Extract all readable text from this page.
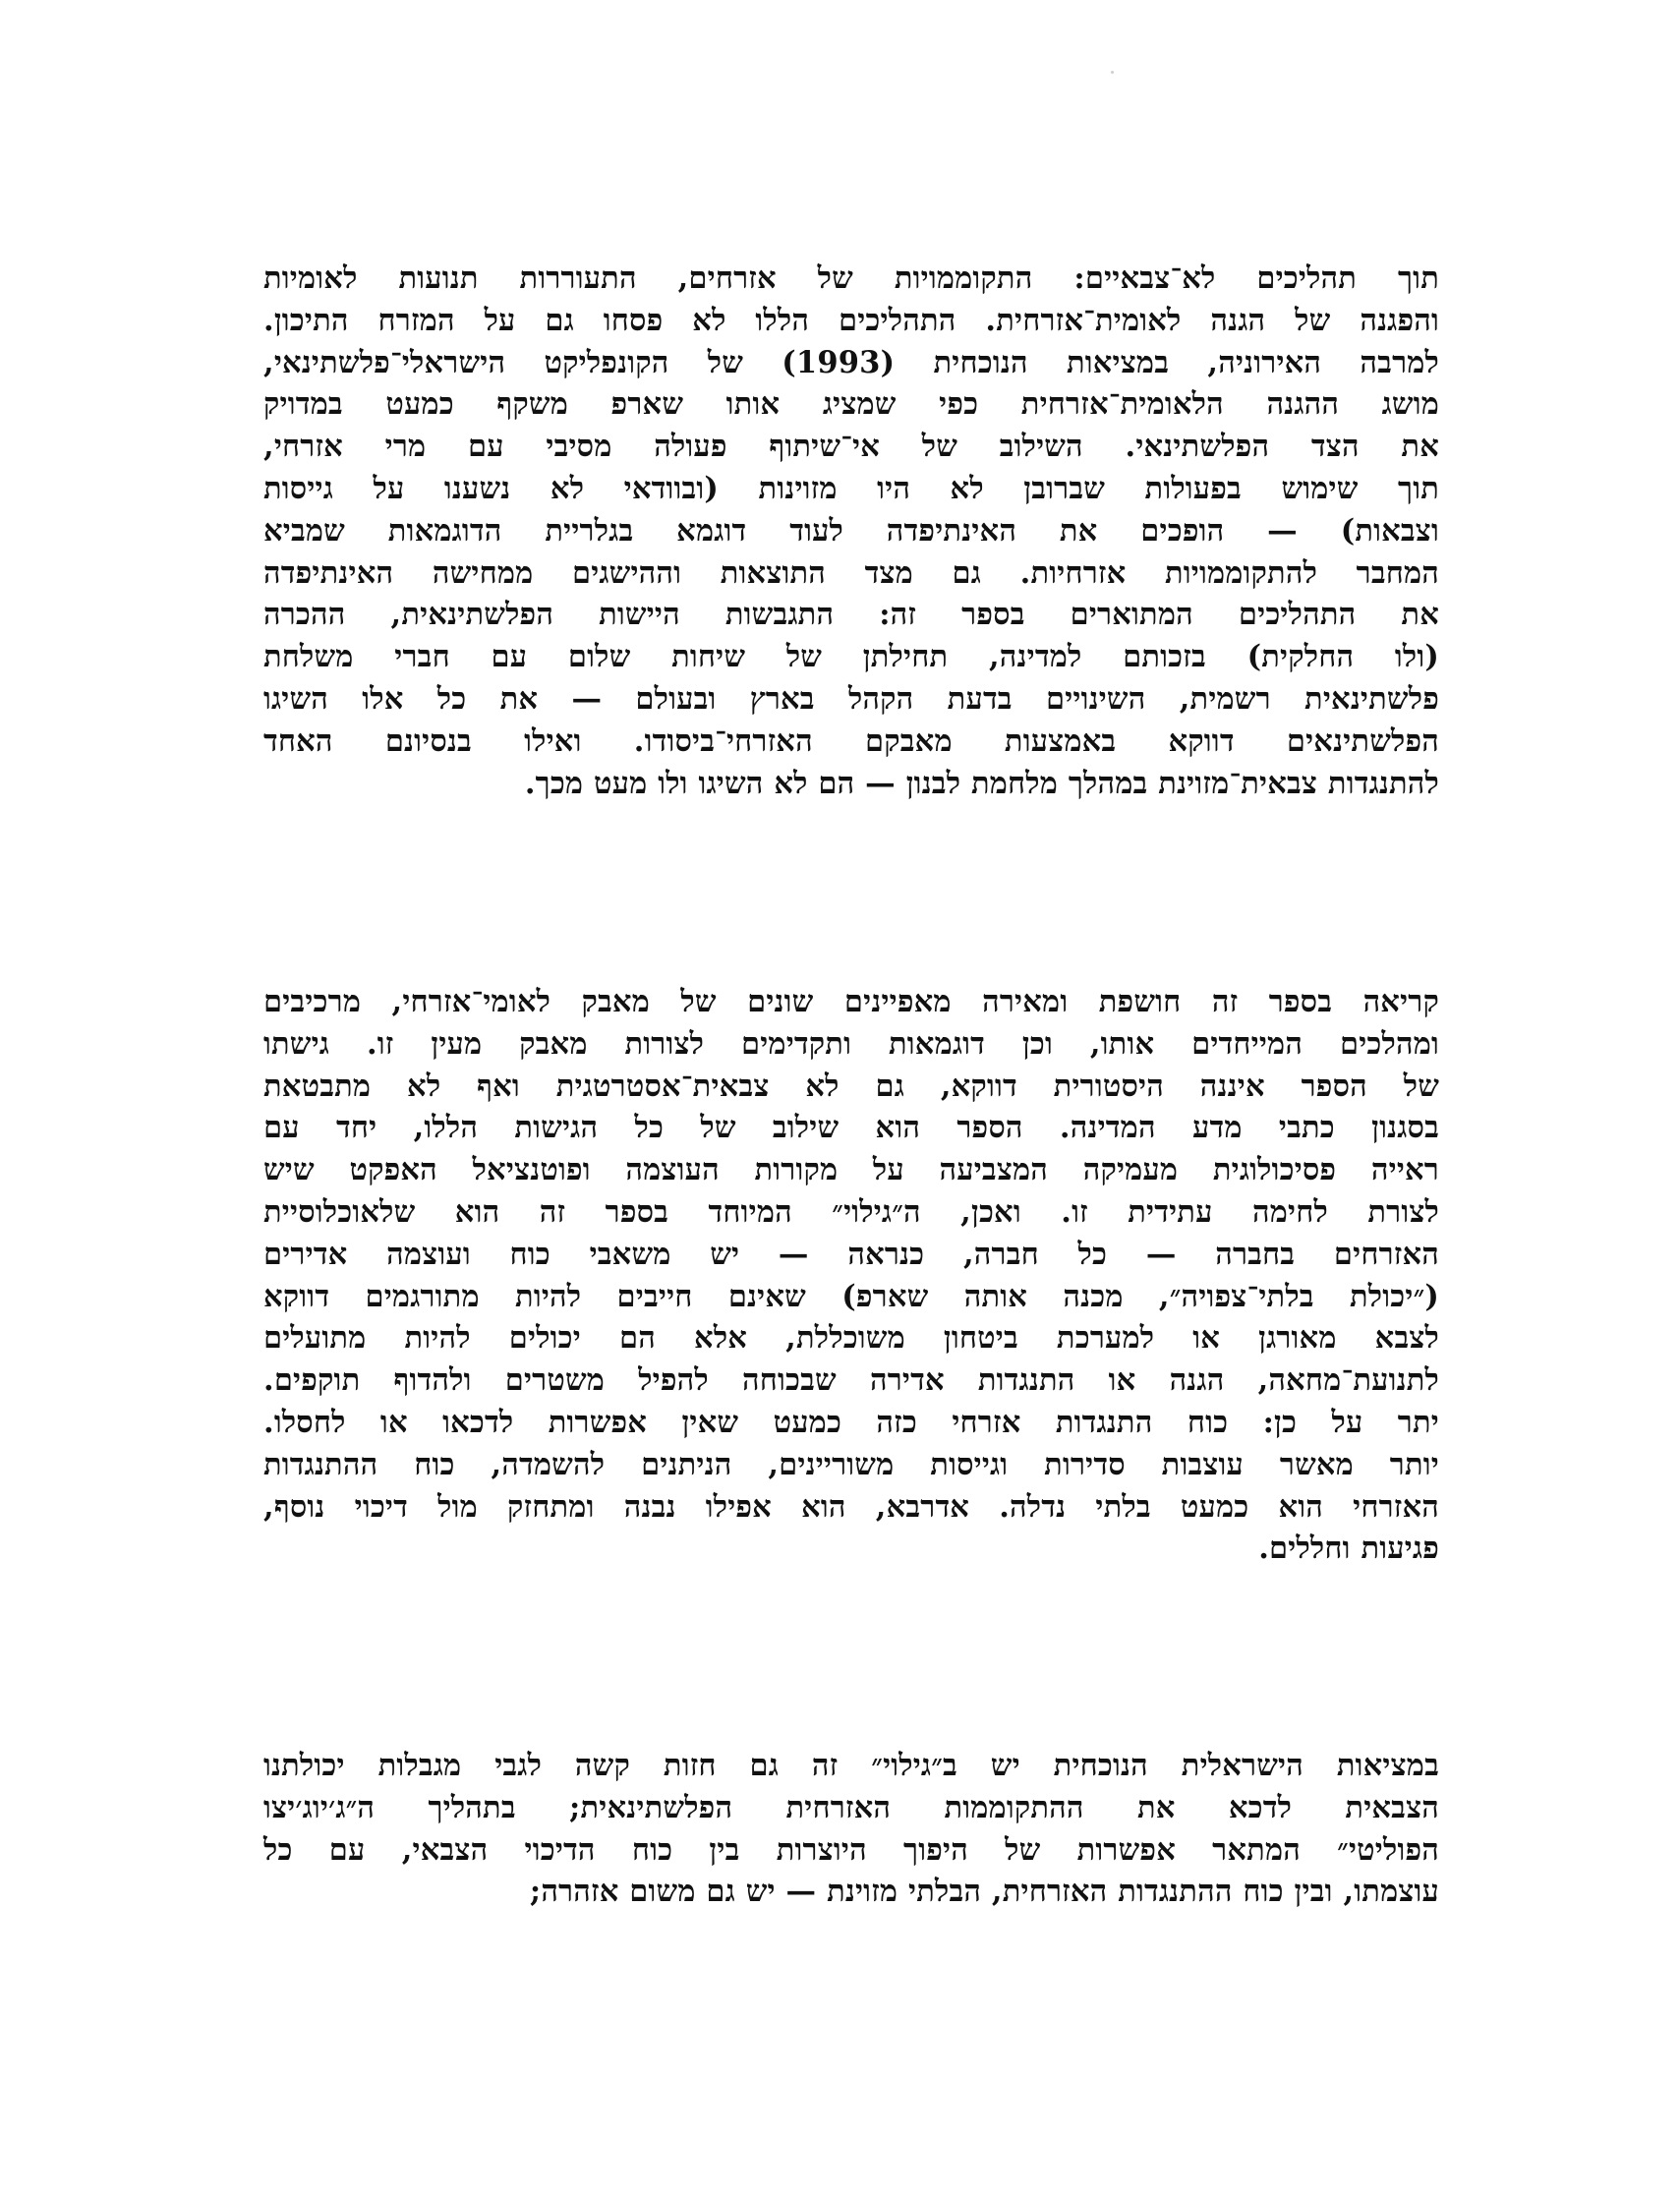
תוך תהליכים לא־צבאיים: התקוממויות של אזרחים, התעוררות תנועות לאומיות
והפגנה של הגנה לאומית־אזרחית. התהליכים הללו לא פסחו גם על המזרח התיכון.
למרבה האירוניה, במציאות הנוכחית (1993) של הקונפליקט הישראלי־פלשתינאי,
מושג ההגנה הלאומית־אזרחית כפי שמציג אותו שארפ משקף כמעט במדויק
את הצד הפלשתינאי. השילוב של אי־שיתוף פעולה מסיבי עם מרי אזרחי,
תוך שימוש בפעולות שברובן לא היו מזוינות (ובוודאי לא נשענו על גייסות
וצבאות) — הופכים את האינתיפדה לעוד דוגמא בגלריית הדוגמאות שמביא
המחבר להתקוממויות אזרחיות. גם מצד התוצאות וההישגים ממחישה האינתיפדה
את התהליכים המתוארים בספר זה: התגבשות היישות הפלשתינאית, ההכרה
(ולו החלקית) בזכותם למדינה, תחילתן של שיחות שלום עם חברי משלחת
פלשתינאית רשמית, השינויים בדעת הקהל בארץ ובעולם — את כל אלו השיגו
הפלשתינאים דווקא באמצעות מאבקם האזרחי־ביסודו. ואילו בנסיונם האחד
להתנגדות צבאית־מזוינת במהלך מלחמת לבנון — הם לא השיגו ולו מעט מכך.
קריאה בספר זה חושפת ומאירה מאפיינים שונים של מאבק לאומי־אזרחי, מרכיבים
ומהלכים המייחדים אותו, וכן דוגמאות ותקדימים לצורות מאבק מעין זו. גישתו
של הספר איננה היסטורית דווקא, גם לא צבאית־אסטרטגית ואף לא מתבטאת
בסגנון כתבי מדע המדינה. הספר הוא שילוב של כל הגישות הללו, יחד עם
ראייה פסיכולוגית מעמיקה המצביעה על מקורות העוצמה ופוטנציאל האפקט שיש
לצורת לחימה עתידית זו. ואכן, ה״גילוי״ המיוחד בספר זה הוא שלאוכלוסיית
האזרחים בחברה — כל חברה, כנראה — יש משאבי כוח ועוצמה אדירים
(״יכולת בלתי־צפויה״, מכנה אותה שארפ) שאינם חייבים להיות מתורגמים דווקא
לצבא מאורגן או למערכת ביטחון משוכללת, אלא הם יכולים להיות מתועלים
לתנועת־מחאה, הגנה או התנגדות אדירה שבכוחה להפיל משטרים ולהדוף תוקפים.
יתר על כן: כוח התנגדות אזרחי כזה כמעט שאין אפשרות לדכאו או לחסלו.
יותר מאשר עוצבות סדירות וגייסות משוריינים, הניתנים להשמדה, כוח ההתנגדות
האזרחי הוא כמעט בלתי נדלה. אדרבא, הוא אפילו נבנה ומתחזק מול דיכוי נוסף,
פגיעות וחללים.
במציאות הישראלית הנוכחית יש ב״גילוי״ זה גם חזות קשה לגבי מגבלות יכולתנו
הצבאית לדכא את ההתקוממות האזרחית הפלשתינאית; בתהליך ה״ג׳יוג׳יצו
הפוליטי״ המתאר אפשרות של היפוך היוצרות בין כוח הדיכוי הצבאי, עם כל
עוצמתו, ובין כוח ההתנגדות האזרחית, הבלתי מזוינת — יש גם משום אזהרה;
